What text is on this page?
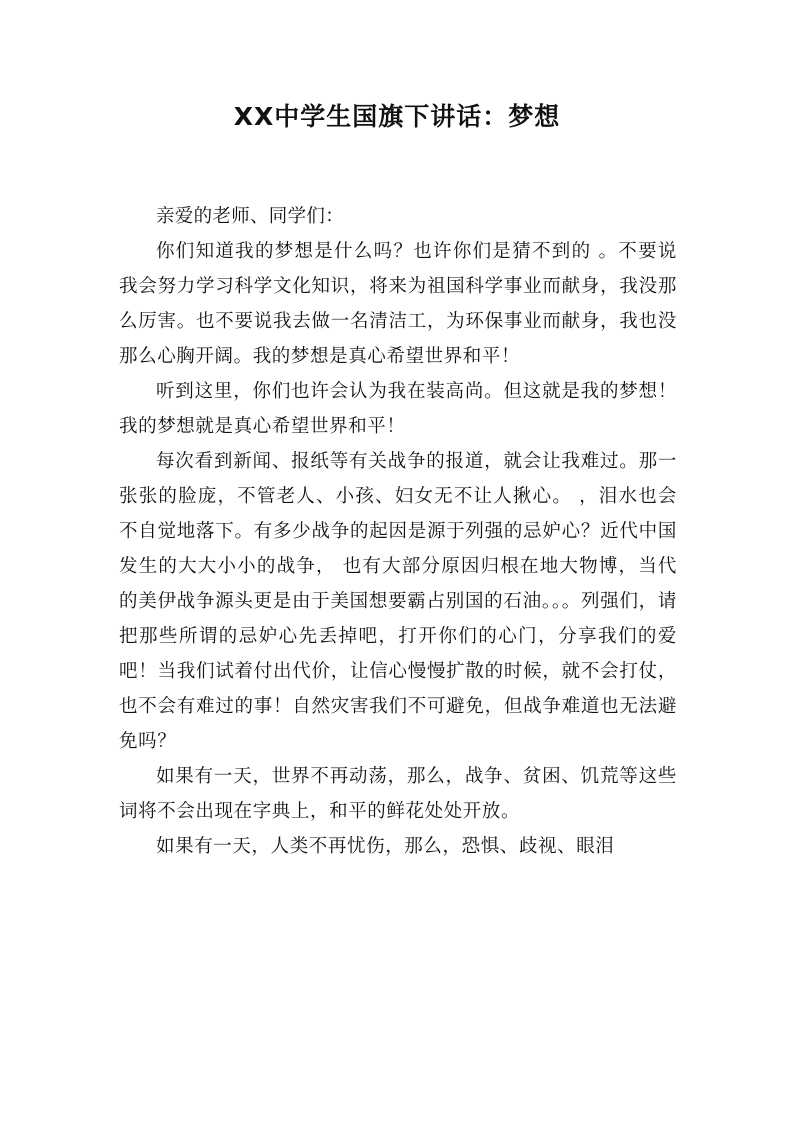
XX中学生国旗下讲话：梦想

亲爱的老师、同学们：

你们知道我的梦想是什么吗？也许你们是猜不到的 。不要说我会努力学习科学文化知识，将来为祖国科学事业而献身，我没那么厉害。也不要说我去做一名清洁工，为环保事业而献身，我也没那么心胸开阔。我的梦想是真心希望世界和平！

听到这里，你们也许会认为我在装高尚。但这就是我的梦想！我的梦想就是真心希望世界和平！

每次看到新闻、报纸等有关战争的报道，就会让我难过。那一张张的脸庞，不管老人、小孩、妇女无不让人揪心。 ，泪水也会不自觉地落下。有多少战争的起因是源于列强的忌妒心？近代中国发生的大大小小的战争， 也有大部分原因归根在地大物博，当代的美伊战争源头更是由于美国想要霸占别国的石油。。。列强们，请把那些所谓的忌妒心先丢掉吧，打开你们的心门，分享我们的爱吧！当我们试着付出代价，让信心慢慢扩散的时候，就不会打仗，也不会有难过的事！自然灾害我们不可避免，但战争难道也无法避免吗？

如果有一天，世界不再动荡，那么，战争、贫困、饥荒等这些词将不会出现在字典上，和平的鲜花处处开放。

如果有一天，人类不再忧伤，那么，恐惧、歧视、眼泪
